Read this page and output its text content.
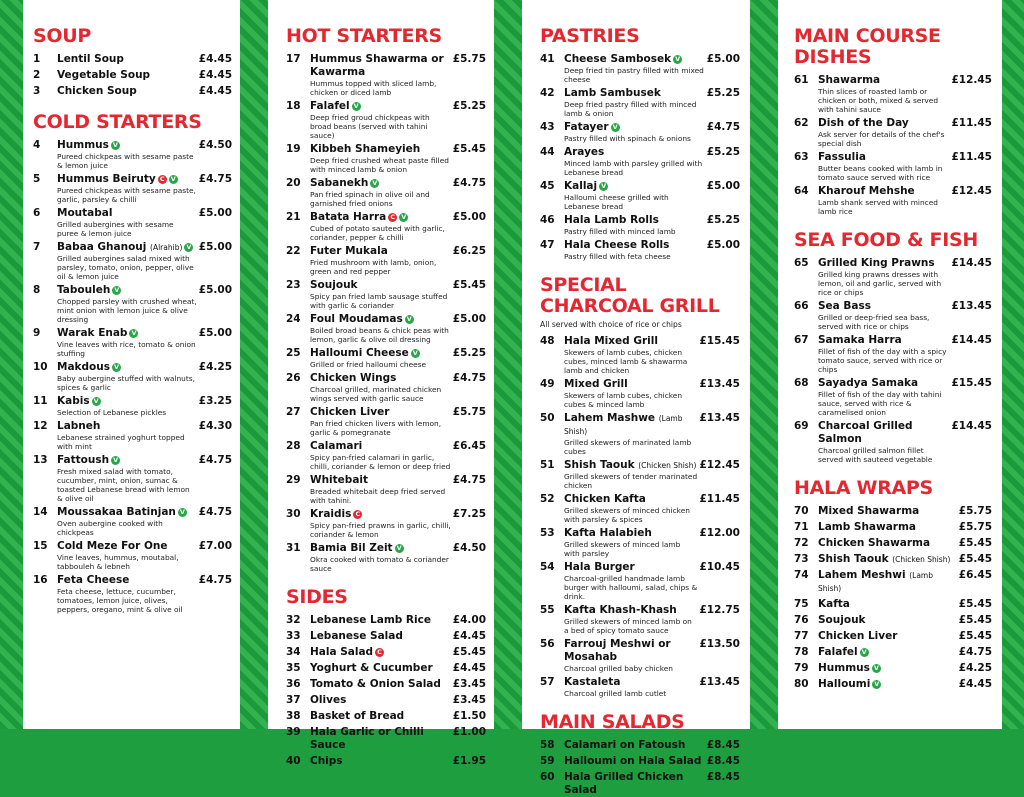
SOUP
1	Lentil Soup	£4.45
2	Vegetable Soup	£4.45
3	Chicken Soup	£4.45
COLD STARTERS
4	Hummus V	£4.50
Pureed chickpeas with sesame paste & lemon juice
5	Hummus Beiruty C V	£4.75
Pureed chickpeas with sesame paste, garlic, parsley & chilli
6	Moutabal	£5.00
Grilled aubergines with sesame puree & lemon juice
7	Babaa Ghanouj (Alrahib) V £5.00
Grilled aubergines salad mixed with parsley, tomato, onion, pepper, olive oil & lemon juice
8	Tabouleh V	£5.00
Chopped parsley with crushed wheat, mint onion with lemon juice & olive dressing
9	Warak Enab V	£5.00
Vine leaves with rice, tomato & onion stuffing
10 Makdous V	£4.25
Baby aubergine stuffed with walnuts, spices & garlic
11 Kabis V	£3.25
Selection of Lebanese pickles
12 Labneh	£4.30
Lebanese strained yoghurt topped with mint
13 Fattoush V	£4.75
Fresh mixed salad with tomato, cucumber, mint, onion, sumac & toasted Lebanese bread with lemon & olive oil
14 Moussakaa Batinjan V	£4.75
Oven aubergine cooked with chickpeas
15 Cold Meze For One	£7.00
Vine leaves, hummus, moutabal, tabbouleh & lebneh
16 Feta Cheese	£4.75
Feta cheese, lettuce, cucumber, tomatoes, lemon juice, olives, peppers, oregano, mint & olive oil
HOT STARTERS
17 Hummus Shawarma or Kawarma
£5.75
Hummus topped with sliced lamb, chicken or diced lamb
18 Falafel V	£5.25
Deep fried groud chickpeas with broad beans (served with tahini sauce)
19 Kibbeh Shameyieh	£5.45
Deep fried crushed wheat paste filled with minced lamb & onion
20 Sabanekh V	£4.75
Pan fried spinach in olive oil and garnished fried onions
21 Batata Harra C V	£5.00
Cubed of potato sauteed with garlic, coriander, pepper & chilli
22 Futer Mukala	£6.25
Fried mushroom with lamb, onion, green and red pepper
23 Soujouk	£5.45
Spicy pan fried lamb sausage stuffed with garlic & coriander
24 Foul Moudamas V	£5.00
Boiled broad beans & chick peas with lemon, garlic & olive oil dressing
25 Halloumi Cheese V	£5.25
Grilled or fried halloumi cheese
26 Chicken Wings	£4.75
Charcoal grilled, marinated chicken wings served with garlic sauce
27 Chicken Liver	£5.75
Pan fried chicken livers with lemon, garlic & pomegranate
28 Calamari	£6.45
Spicy pan-fried calamari in garlic, chilli, coriander & lemon or deep fried
29 Whitebait	£4.75
Breaded whitebait deep fried served with tahini.
30 Kraidis C	£7.25
Spicy pan-fried prawns in garlic, chilli, coriander & lemon
31 Bamia Bil Zeit V	£4.50
Okra cooked with tomato & coriander sauce
SIDES
32 Lebanese Lamb Rice	£4.00
33 Lebanese Salad	£4.45
34 Hala Salad C	£5.45
35 Yoghurt & Cucumber	£4.45
36 Tomato & Onion Salad	£3.45
37 Olives	£3.45
38 Basket of Bread	£1.50
39 Hala Garlic or Chilli Sauce
£1.00
40 Chips	£1.95
PASTRIES
41 Cheese Sambosek V	£5.00
Deep fried tin pastry filled with mixed cheese
42 Lamb Sambusek	£5.25
Deep fried pastry filled with minced lamb & onion
43 Fatayer V	£4.75
Pastry filled with spinach & onions
44 Arayes	£5.25
Minced lamb with parsley grilled with Lebanese bread
45 Kallaj V	£5.00
Halloumi cheese grilled with Lebanese bread
46 Hala Lamb Rolls	£5.25
Pastry filled with minced lamb
47 Hala Cheese Rolls	£5.00
Pastry filled with feta cheese
SPECIAL CHARCOAL GRILL
All served with choice of rice or chips
48 Hala Mixed Grill	£15.45
Skewers of lamb cubes, chicken cubes, minced lamb & shawarma lamb and chicken
49 Mixed Grill	£13.45
Skewers of lamb cubes, chicken cubes & minced lamb
50 Lahem Mashwe (Lamb Shish)
£13.45
Grilled skewers of marinated lamb cubes
51 Shish Taouk (Chicken Shish) £12.45
Grilled skewers of tender marinated chicken
52 Chicken Kafta	£11.45
Grilled skewers of minced chicken with parsley & spices
53 Kafta Halabieh	£12.00
Grilled skewers of minced lamb with parsley
54 Hala Burger	£10.45
Charcoal-grilled handmade lamb burger with halloumi, salad, chips & drink.
55 Kafta Khash-Khash	£12.75
Grilled skewers of minced lamb on a bed of spicy tomato sauce
56 Farrouj Meshwi or Mosahab
£13.50
Charcoal grilled baby chicken
57 Kastaleta	£13.45
Charcoal grilled lamb cutlet
MAIN SALADS
58 Calamari on Fatoush	£8.45
59 Halloumi on Hala Salad £8.45
60 Hala Grilled Chicken Salad
£8.45
MAIN COURSE DISHES
61 Shawarma	£12.45
Thin slices of roasted lamb or chicken or both, mixed & served with tahini sauce
62 Dish of the Day	£11.45
Ask server for details of the chef's special dish
63 Fassulia	£11.45
Butter beans cooked with lamb in tomato sauce served with rice
64 Kharouf Mehshe	£12.45
Lamb shank served with minced lamb rice
SEA FOOD & FISH
65 Grilled King Prawns	£14.45
Grilled king prawns dresses with lemon, oil and garlic, served with rice or chips
66 Sea Bass	£13.45
Grilled or deep-fried sea bass, served with rice or chips
67 Samaka Harra	£14.45
Fillet of fish of the day with a spicy tomato sauce, served with rice or chips
68 Sayadya Samaka	£15.45
Fillet of fish of the day with tahini sauce, served with rice & caramelised onion
69 Charcoal Grilled Salmon
£14.45
Charcoal grilled salmon fillet served with sauteed vegetable
HALA WRAPS
70 Mixed Shawarma	£5.75
71 Lamb Shawarma	£5.75
72 Chicken Shawarma	£5.45
73 Shish Taouk (Chicken Shish) £5.45
74 Lahem Meshwi (Lamb Shish)
£6.45
75 Kafta	£5.45
76 Soujouk	£5.45
77 Chicken Liver	£5.45
78 Falafel V	£4.75
79 Hummus V	£4.25
80 Halloumi V	£4.45
